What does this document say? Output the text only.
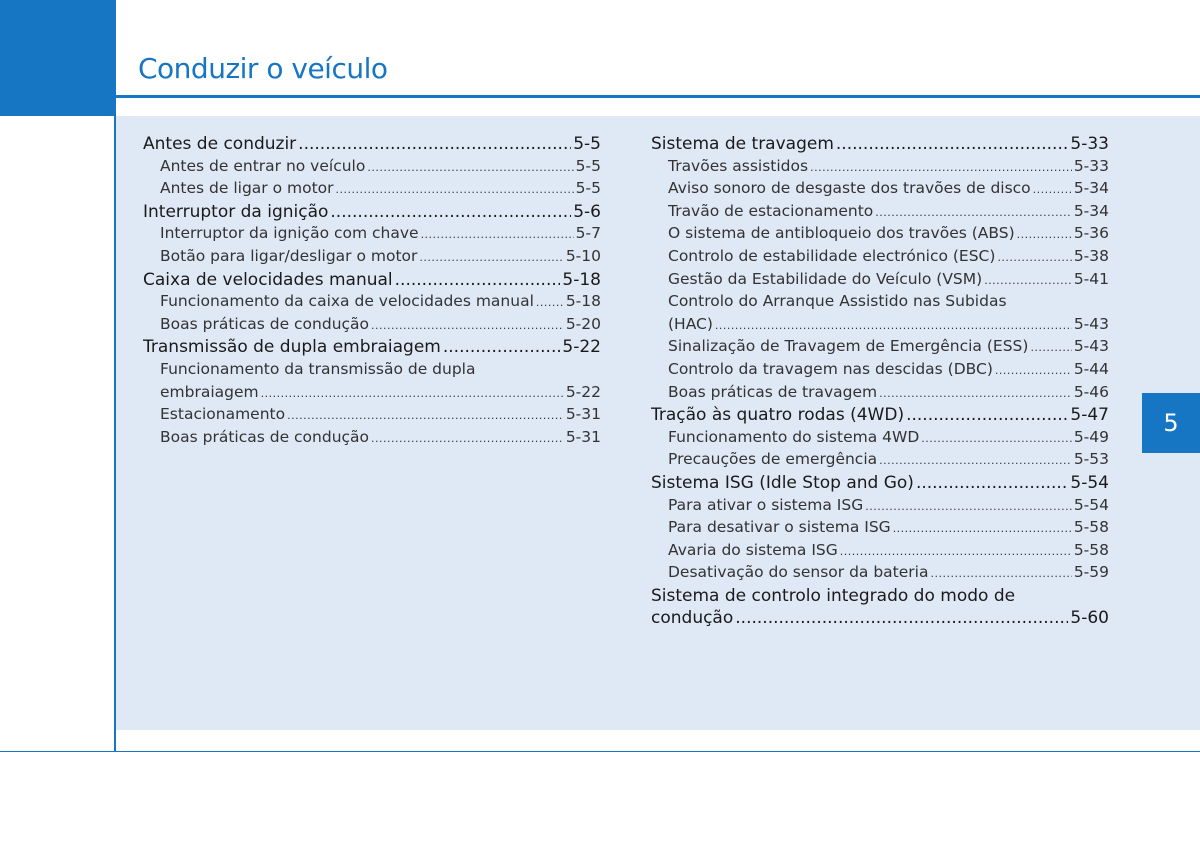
Conduzir o veículo
5
Antes de conduzir .....	5-5
Antes de entrar no veículo .....	5-5
Antes de ligar o motor .....	5-5
Interruptor da ignição .....	5-6
Interruptor da ignição com chave .....	5-7
Botão para ligar/desligar o motor .....	5-10
Caixa de velocidades manual .....	5-18
Funcionamento da caixa de velocidades manual ..... 5-18
Boas práticas de condução .....	5-20
Transmissão de dupla embraiagem .....	5-22
Funcionamento da transmissão de dupla
embraiagem .....	5-22
Estacionamento .....	5-31
Boas práticas de condução .....	5-31
Sistema de travagem .....	5-33
Travões assistidos .....	5-33
Aviso sonoro de desgaste dos travões de disco .....	5-34
Travão de estacionamento .....	5-34
O sistema de antibloqueio dos travões (ABS) .....	5-36
Controlo de estabilidade electrónico (ESC) .....	5-38
Gestão da Estabilidade do Veículo (VSM) .....	5-41
Controlo do Arranque Assistido nas Subidas
(HAC) .....	5-43
Sinalização de Travagem de Emergência (ESS) .....	5-43
Controlo da travagem nas descidas (DBC) .....	5-44
Boas práticas de travagem .....	5-46
Tração às quatro rodas (4WD) .....	5-47
Funcionamento do sistema 4WD .....	5-49
Precauções de emergência .....	5-53
Sistema ISG (Idle Stop and Go) .....	5-54
Para ativar o sistema ISG .....	5-54
Para desativar o sistema ISG .....	5-58
Avaria do sistema ISG .....	5-58
Desativação do sensor da bateria .....	5-59
Sistema de controlo integrado do modo de
condução .....	5-60
